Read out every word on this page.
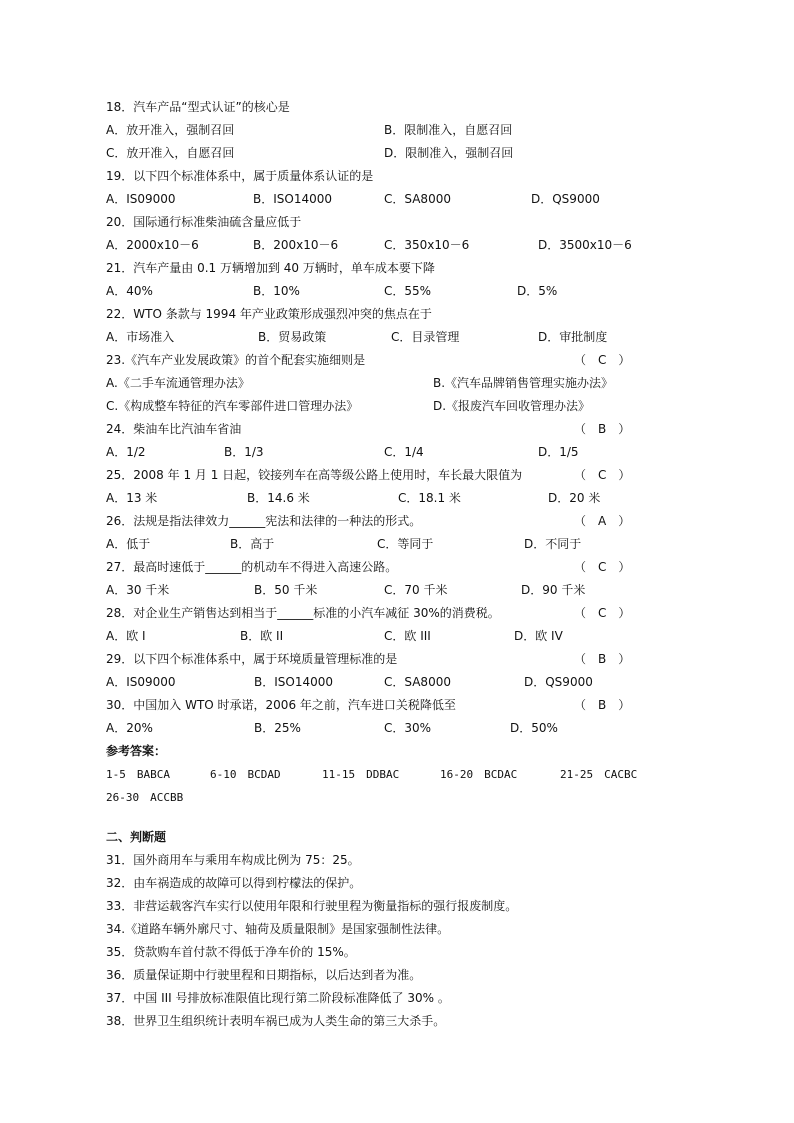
18．汽车产品“型式认证”的核心是
A．放开准入，强制召回	B．限制准入，自愿召回
C．放开准入，自愿召回	D．限制准入，强制召回
19．以下四个标准体系中，属于质量体系认证的是
A．IS09000	B．ISO14000	C．SA8000	D．QS9000
20．国际通行标准柴油硫含量应低于
A．2000x10－6	B．200x10－6	C．350x10－6	D．3500x10－6
21．汽车产量由 0.1 万辆增加到 40 万辆时，单车成本要下降
A．40%	B．10%	C．55%	D．5%
22．WTO 条款与 1994 年产业政策形成强烈冲突的焦点在于
A．市场准入	B．贸易政策	C．目录管理	D．审批制度
23.《汽车产业发展政策》的首个配套实施细则是	（　C　）
A.《二手车流通管理办法》	B.《汽车品牌销售管理实施办法》
C.《构成整车特征的汽车零部件进口管理办法》	D.《报废汽车回收管理办法》
24．柴油车比汽油车省油	（　B　）
A．1/2	B．1/3	C．1/4	D．1/5
25．2008 年 1 月 1 日起，铰接列车在高等级公路上使用时，车长最大限值为	（　C　）
A．13 米	B．14.6 米	C．18.1 米	D．20 米
26．法规是指法律效力______宪法和法律的一种法的形式。	（　A　）
A．低于	B．高于	C．等同于	D．不同于
27．最高时速低于______的机动车不得进入高速公路。	（　C　）
A．30 千米	B．50 千米	C．70 千米	D．90 千米
28．对企业生产销售达到相当于______标准的小汽车减征 30%的消费税。	（　C　）
A．欧 I	B．欧 II	C．欧 III	D．欧 IV
29．以下四个标准体系中，属于环境质量管理标准的是	（　B　）
A．IS09000	B．ISO14000	C．SA8000	D．QS9000
30．中国加入 WTO 时承诺，2006 年之前，汽车进口关税降低至	（　B　）
A．20%	B．25%	C．30%	D．50%
参考答案：
1-5　BABCA	6-10　BCDAD	11-15　DDBAC	16-20　BCDAC	21-25　CACBC
26-30　ACCBB
二、判断题
31．国外商用车与乘用车构成比例为 75：25。
32．由车祸造成的故障可以得到柠檬法的保护。
33．非营运载客汽车实行以使用年限和行驶里程为衡量指标的强行报废制度。
34.《道路车辆外廓尺寸、轴荷及质量限制》是国家强制性法律。
35．贷款购车首付款不得低于净车价的 15%。
36．质量保证期中行驶里程和日期指标，以后达到者为准。
37．中国 III 号排放标准限值比现行第二阶段标准降低了 30% 。
38．世界卫生组织统计表明车祸已成为人类生命的第三大杀手。
